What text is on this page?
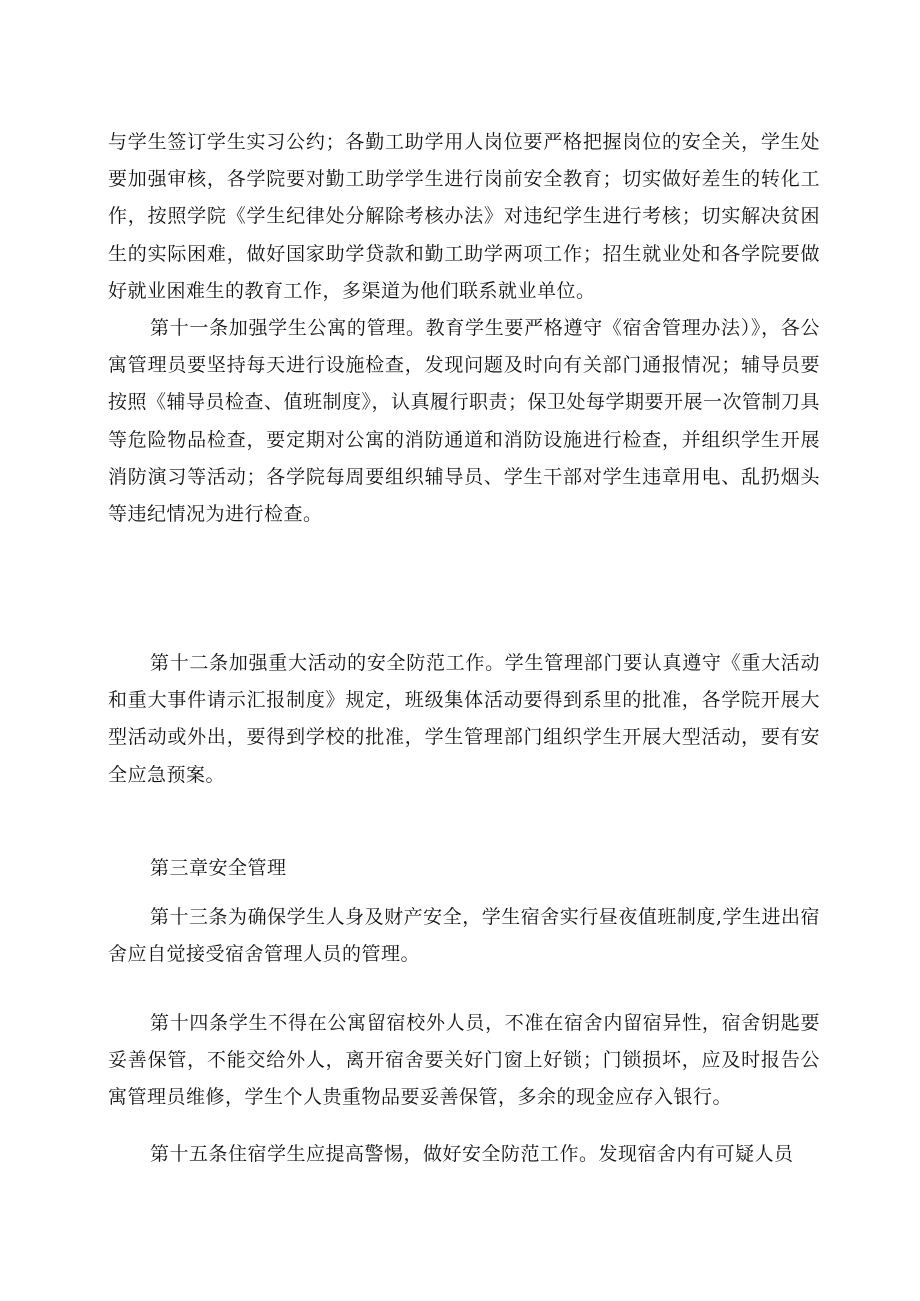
与学生签订学生实习公约；各勤工助学用人岗位要严格把握岗位的安全关，学生处要加强审核，各学院要对勤工助学学生进行岗前安全教育；切实做好差生的转化工作，按照学院《学生纪律处分解除考核办法》对违纪学生进行考核；切实解决贫困生的实际困难，做好国家助学贷款和勤工助学两项工作；招生就业处和各学院要做好就业困难生的教育工作，多渠道为他们联系就业单位。

第十一条加强学生公寓的管理。教育学生要严格遵守《宿舍管理办法）》，各公寓管理员要坚持每天进行设施检查，发现问题及时向有关部门通报情况；辅导员要按照《辅导员检查、值班制度》，认真履行职责；保卫处每学期要开展一次管制刀具等危险物品检查，要定期对公寓的消防通道和消防设施进行检查，并组织学生开展消防演习等活动；各学院每周要组织辅导员、学生干部对学生违章用电、乱扔烟头等违纪情况为进行检查。

第十二条加强重大活动的安全防范工作。学生管理部门要认真遵守《重大活动和重大事件请示汇报制度》规定，班级集体活动要得到系里的批准，各学院开展大型活动或外出，要得到学校的批准，学生管理部门组织学生开展大型活动，要有安全应急预案。

第三章安全管理

第十三条为确保学生人身及财产安全，学生宿舍实行昼夜值班制度,学生进出宿舍应自觉接受宿舍管理人员的管理。

第十四条学生不得在公寓留宿校外人员，不准在宿舍内留宿异性，宿舍钥匙要妥善保管，不能交给外人，离开宿舍要关好门窗上好锁；门锁损坏，应及时报告公寓管理员维修，学生个人贵重物品要妥善保管，多余的现金应存入银行。

第十五条住宿学生应提高警惕，做好安全防范工作。发现宿舍内有可疑人员
